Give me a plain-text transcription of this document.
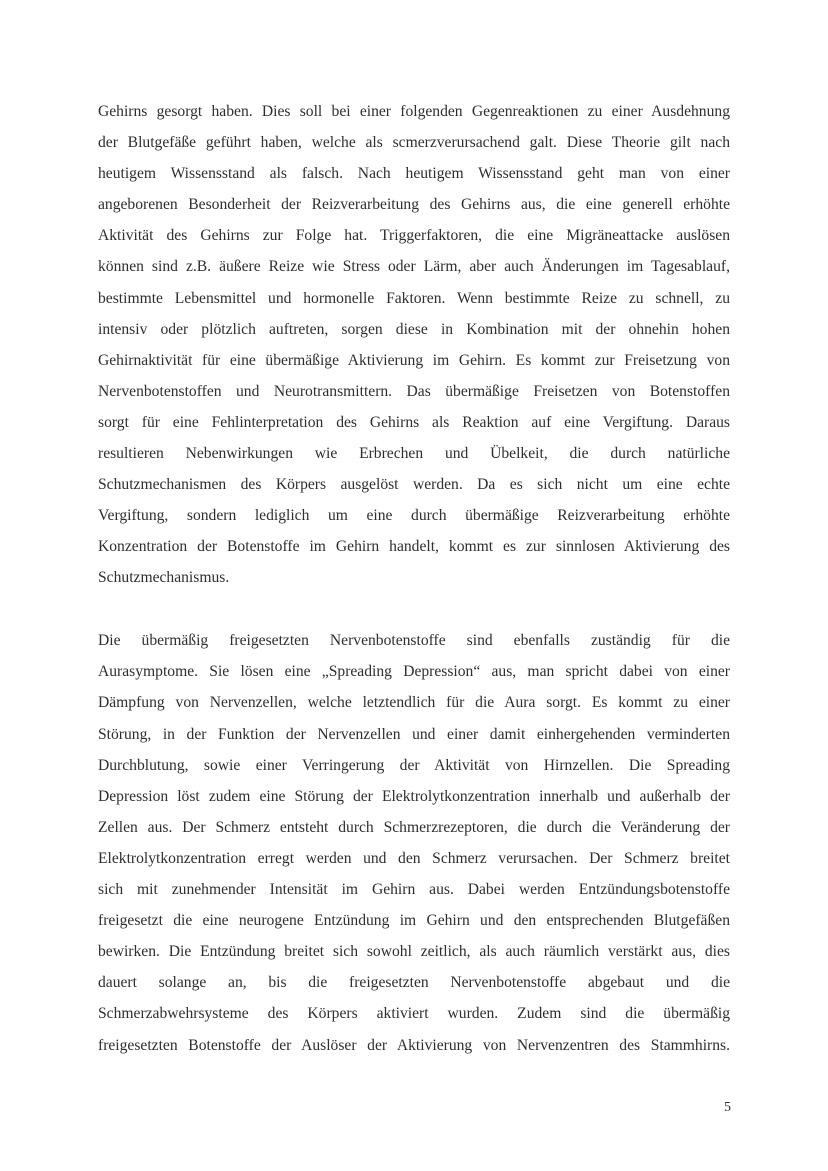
Gehirns gesorgt haben. Dies soll bei einer folgenden Gegenreaktionen zu einer Ausdehnung
der Blutgefäße geführt haben, welche als scmerzverursachend galt. Diese Theorie gilt nach
heutigem Wissensstand als falsch. Nach heutigem Wissensstand geht man von einer
angeborenen Besonderheit der Reizverarbeitung des Gehirns aus, die eine generell erhöhte
Aktivität des Gehirns zur Folge hat. Triggerfaktoren, die eine Migräneattacke auslösen
können sind z.B. äußere Reize wie Stress oder Lärm, aber auch Änderungen im Tagesablauf,
bestimmte Lebensmittel und hormonelle Faktoren. Wenn bestimmte Reize zu schnell, zu
intensiv oder plötzlich auftreten, sorgen diese in Kombination mit der ohnehin hohen
Gehirnaktivität für eine übermäßige Aktivierung im Gehirn. Es kommt zur Freisetzung von
Nervenbotenstoffen und Neurotransmittern. Das übermäßige Freisetzen von Botenstoffen
sorgt für eine Fehlinterpretation des Gehirns als Reaktion auf eine Vergiftung. Daraus
resultieren Nebenwirkungen wie Erbrechen und Übelkeit, die durch natürliche
Schutzmechanismen des Körpers ausgelöst werden. Da es sich nicht um eine echte
Vergiftung, sondern lediglich um eine durch übermäßige Reizverarbeitung erhöhte
Konzentration der Botenstoffe im Gehirn handelt, kommt es zur sinnlosen Aktivierung des
Schutzmechanismus.
Die übermäßig freigesetzten Nervenbotenstoffe sind ebenfalls zuständig für die
Aurasymptome. Sie lösen eine „Spreading Depression“ aus, man spricht dabei von einer
Dämpfung von Nervenzellen, welche letztendlich für die Aura sorgt. Es kommt zu einer
Störung, in der Funktion der Nervenzellen und einer damit einhergehenden verminderten
Durchblutung, sowie einer Verringerung der Aktivität von Hirnzellen. Die Spreading
Depression löst zudem eine Störung der Elektrolytkonzentration innerhalb und außerhalb der
Zellen aus. Der Schmerz entsteht durch Schmerzrezeptoren, die durch die Veränderung der
Elektrolytkonzentration erregt werden und den Schmerz verursachen. Der Schmerz breitet
sich mit zunehmender Intensität im Gehirn aus. Dabei werden Entzündungsbotenstoffe
freigesetzt die eine neurogene Entzündung im Gehirn und den entsprechenden Blutgefäßen
bewirken. Die Entzündung breitet sich sowohl zeitlich, als auch räumlich verstärkt aus, dies
dauert solange an, bis die freigesetzten Nervenbotenstoffe abgebaut und die
Schmerzabwehrsysteme des Körpers aktiviert wurden. Zudem sind die übermäßig
freigesetzten Botenstoffe der Auslöser der Aktivierung von Nervenzentren des Stammhirns.
5
